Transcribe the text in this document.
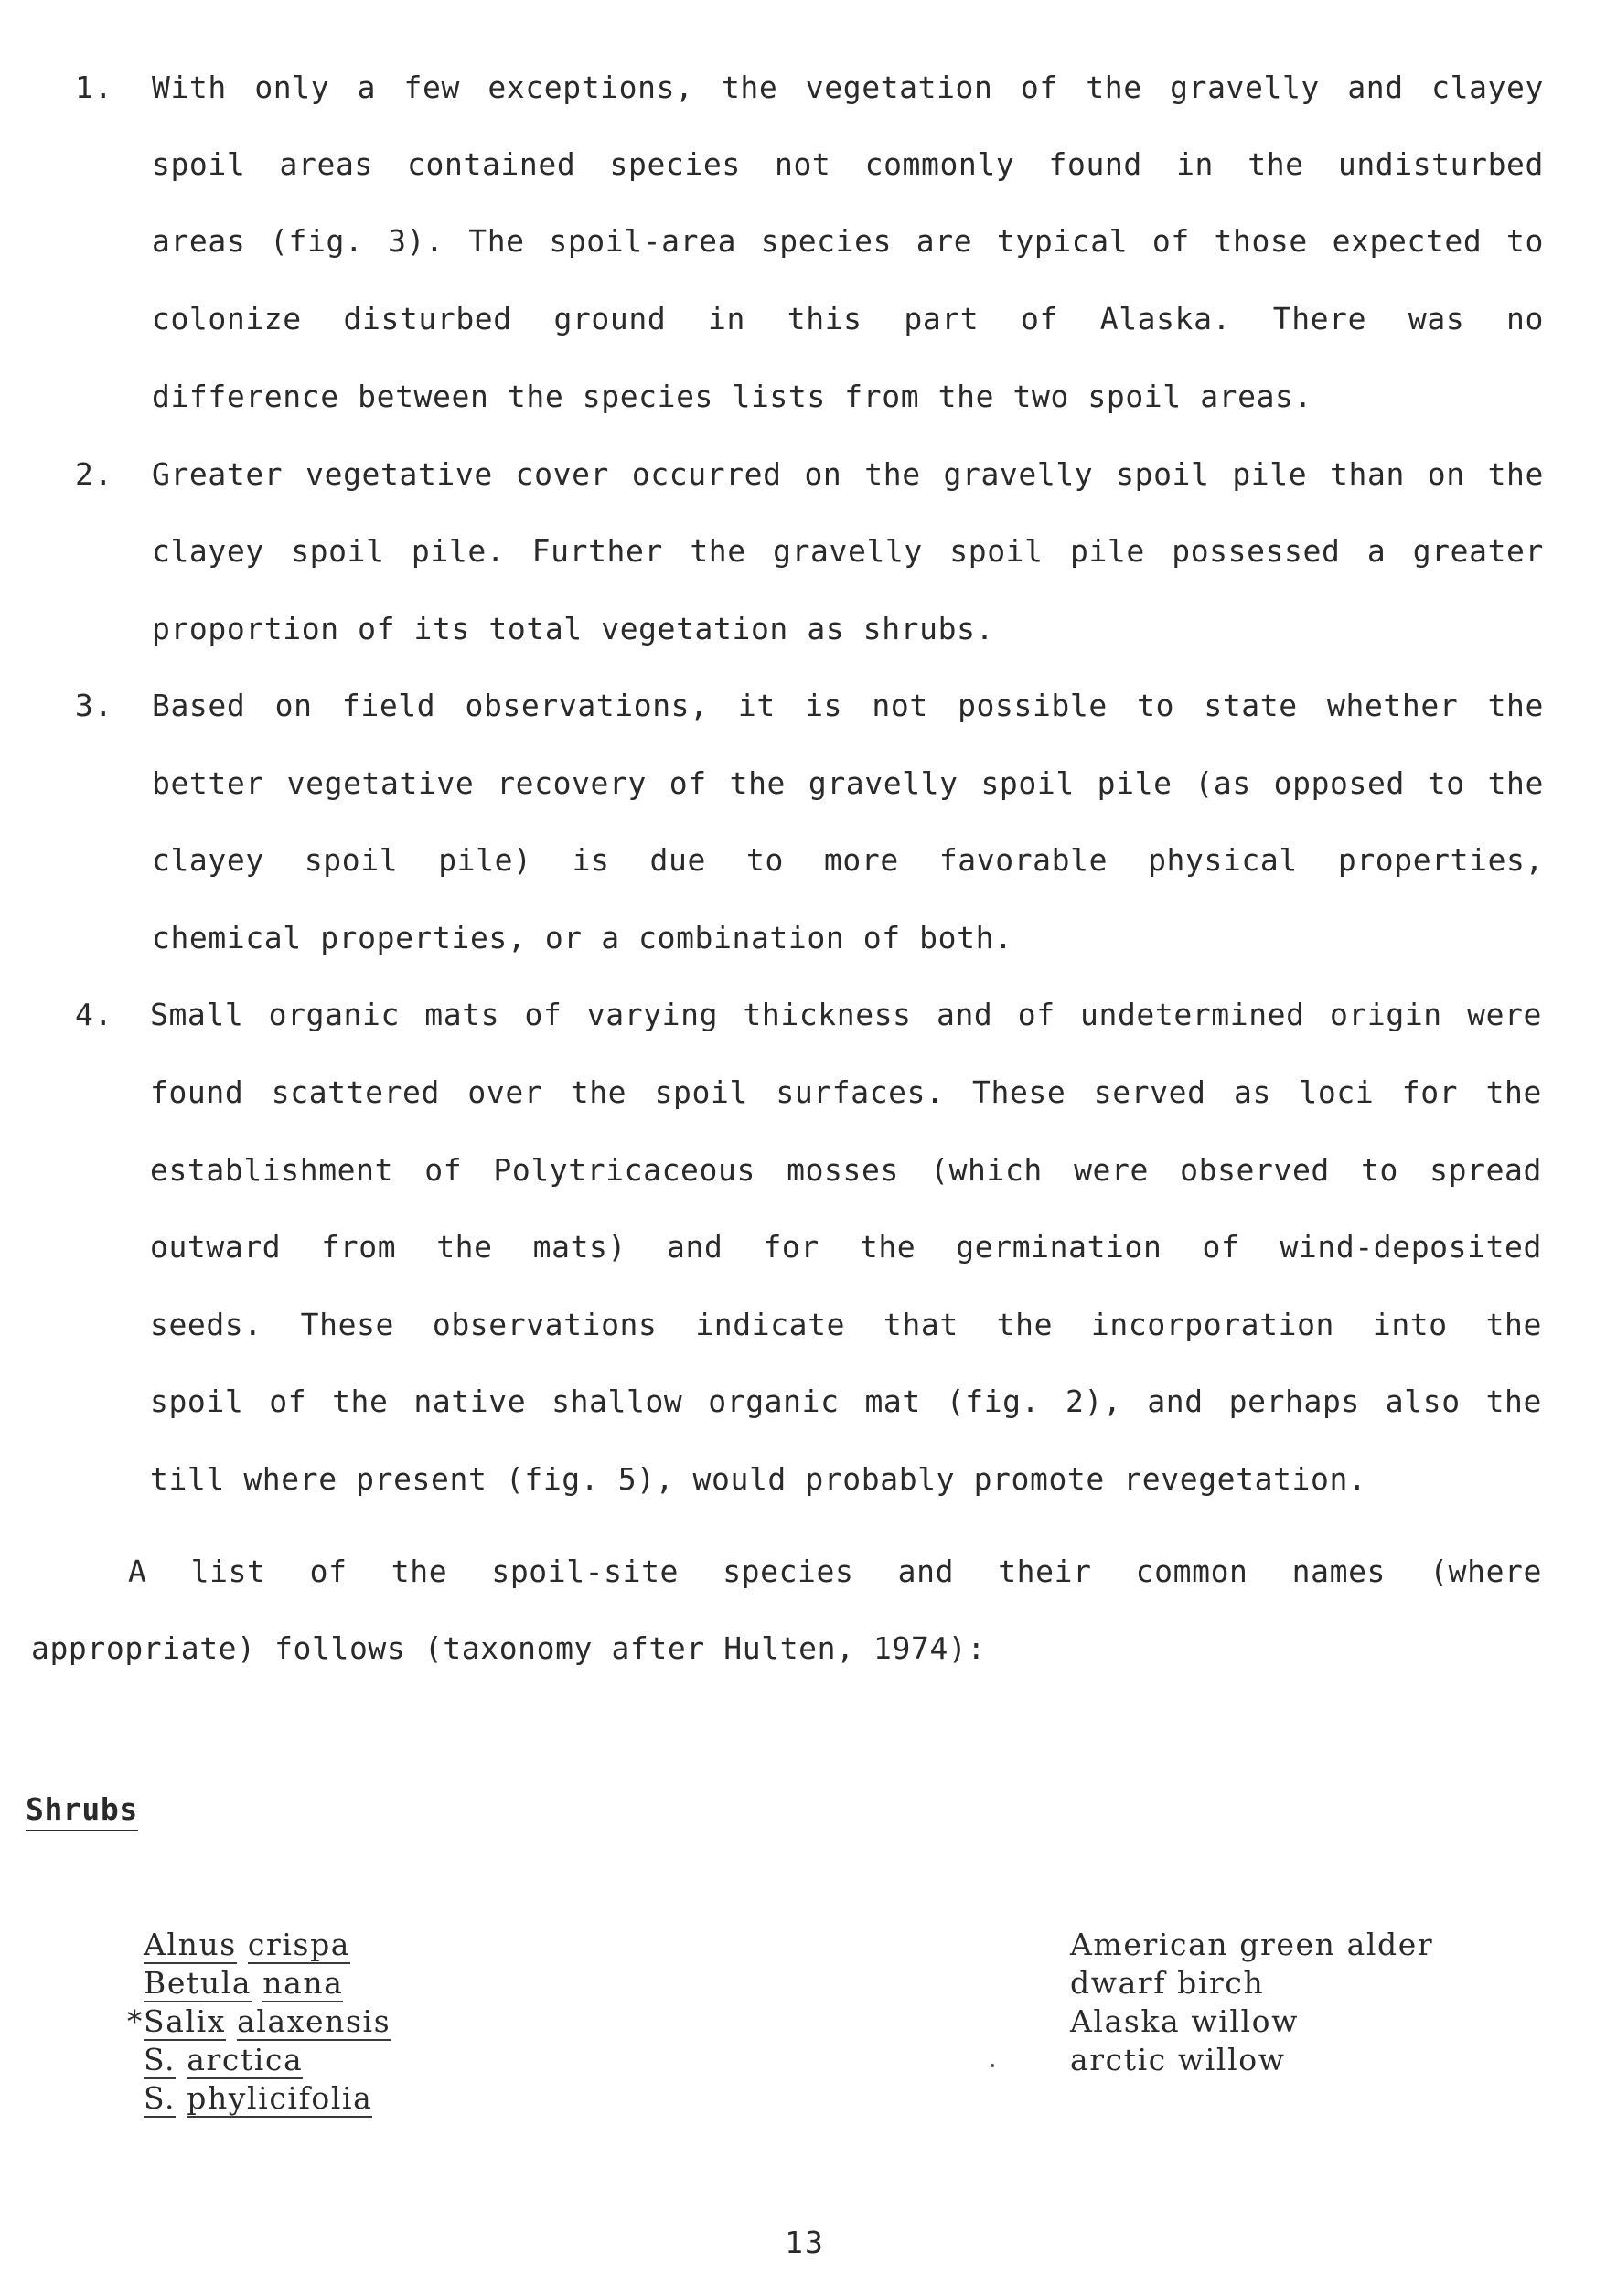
1. With only a few exceptions, the vegetation of the gravelly and clayey
spoil areas contained species not commonly found in the undisturbed
areas (fig. 3). The spoil-area species are typical of those expected to
colonize disturbed ground in this part of Alaska. There was no
difference between the species lists from the two spoil areas.
2. Greater vegetative cover occurred on the gravelly spoil pile than on the
clayey spoil pile. Further the gravelly spoil pile possessed a greater
proportion of its total vegetation as shrubs.
3. Based on field observations, it is not possible to state whether the
better vegetative recovery of the gravelly spoil pile (as opposed to the
clayey spoil pile) is due to more favorable physical properties,
chemical properties, or a combination of both.
4. Small organic mats of varying thickness and of undetermined origin were
found scattered over the spoil surfaces. These served as loci for the
establishment of Polytricaceous mosses (which were observed to spread
outward from the mats) and for the germination of wind-deposited
seeds. These observations indicate that the incorporation into the
spoil of the native shallow organic mat (fig. 2), and perhaps also the
till where present (fig. 5), would probably promote revegetation.

A list of the spoil-site species and their common names (where
appropriate) follows (taxonomy after Hulten, 1974):

Shrubs
Alnus crispa	American green alder
Betula nana	dwarf birch
*Salix alaxensis	Alaska willow
S. arctica	arctic willow
S. phylicifolia
13
